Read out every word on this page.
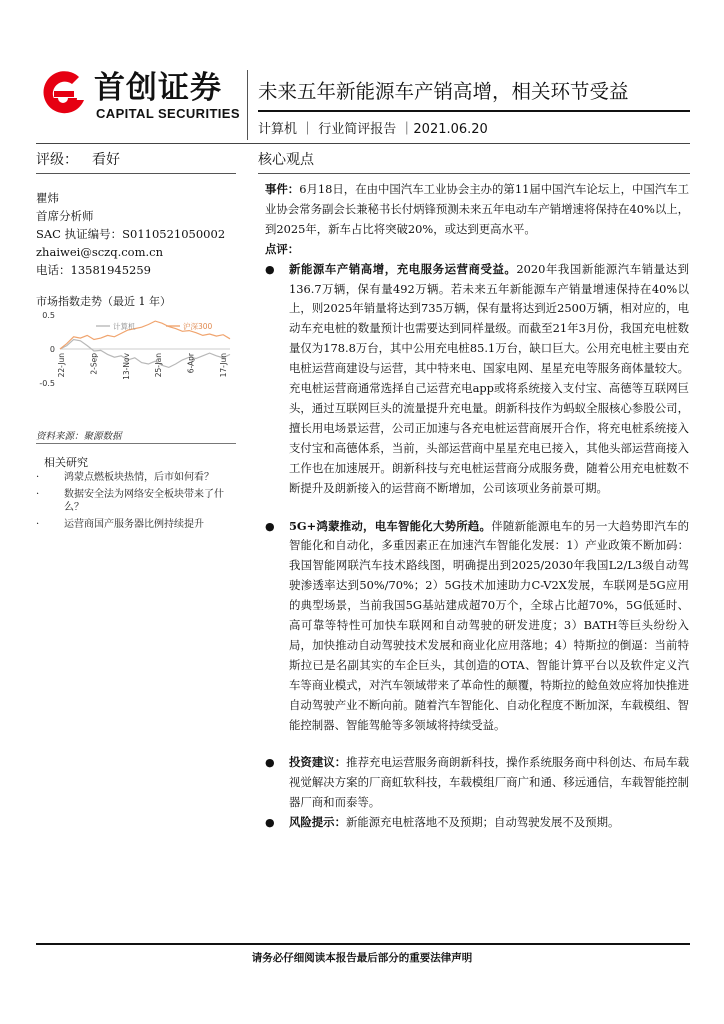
首创证券
CAPITAL SECURITIES
未来五年新能源车产销高增，相关环节受益
计算机 ｜ 行业简评报告 ｜2021.06.20
评级： 看好	核心观点
瞿炜
首席分析师
SAC 执证编号：S0110521050002
zhaiwei@sczq.com.cn
电话：13581945259
市场指数走势（最近 1 年）
0.5
0
-0.5
计算机	沪深300
22-Jun	2-Sep	13-Nov	25-Jan	6-Apr	17-Jun
资料来源：聚源数据
相关研究
· 鸿蒙点燃板块热情，后市如何看？
· 数据安全法为网络安全板块带来了什么？
· 运营商国产服务器比例持续提升

事件：6月18日，在由中国汽车工业协会主办的第11届中国汽车论坛上，中国汽车工业协会常务副会长兼秘书长付炳锋预测未来五年电动车产销增速将保持在40%以上，到2025年，新车占比将突破20%，或达到更高水平。

点评：

● 新能源车产销高增，充电服务运营商受益。2020年我国新能源汽车销量达到136.7万辆，保有量492万辆。若未来五年新能源车产销量增速保持在40%以上，则2025年销量将达到735万辆，保有量将达到近2500万辆，相对应的，电动车充电桩的数量预计也需要达到同样量级。而截至21年3月份，我国充电桩数量仅为178.8万台，其中公用充电桩85.1万台，缺口巨大。公用充电桩主要由充电桩运营商建设与运营，其中特来电、国家电网、星星充电等服务商体量较大。充电桩运营商通常选择自己运营充电app或将系统接入支付宝、高德等互联网巨头，通过互联网巨头的流量提升充电量。朗新科技作为蚂蚁全服核心参股公司，擅长用电场景运营，公司正加速与各充电桩运营商展开合作，将充电桩系统接入支付宝和高德体系，当前，头部运营商中星星充电已接入，其他头部运营商接入工作也在加速展开。朗新科技与充电桩运营商分成服务费，随着公用充电桩数不断提升及朗新接入的运营商不断增加，公司该项业务前景可期。

● 5G+鸿蒙推动，电车智能化大势所趋。伴随新能源电车的另一大趋势即汽车的智能化和自动化，多重因素正在加速汽车智能化发展：1）产业政策不断加码：我国智能网联汽车技术路线图，明确提出到2025/2030年我国L2/L3级自动驾驶渗透率达到50%/70%；2）5G技术加速助力C-V2X发展，车联网是5G应用的典型场景，当前我国5G基站建成超70万个，全球占比超70%，5G低延时、高可靠等特性可加快车联网和自动驾驶的研发进度；3）BATH等巨头纷纷入局，加快推动自动驾驶技术发展和商业化应用落地；4）特斯拉的倒逼：当前特斯拉已是名副其实的车企巨头，其创造的OTA、智能计算平台以及软件定义汽车等商业模式，对汽车领域带来了革命性的颠覆，特斯拉的鲶鱼效应将加快推进自动驾驶产业不断向前。随着汽车智能化、自动化程度不断加深，车载模组、智能控制器、智能驾舱等多领域将持续受益。

● 投资建议：推荐充电运营服务商朗新科技，操作系统服务商中科创达、布局车载视觉解决方案的厂商虹软科技，车载模组厂商广和通、移远通信，车载智能控制器厂商和而泰等。

● 风险提示：新能源充电桩落地不及预期；自动驾驶发展不及预期。

请务必仔细阅读本报告最后部分的重要法律声明
